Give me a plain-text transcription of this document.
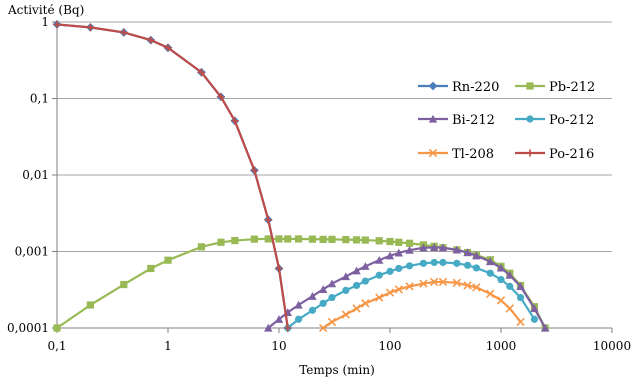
0,1	1	10	100	1000	10000
0,0001
0,001
0,01
0,1
1
Activité (Bq)
Temps (min)
Rn-220	Pb-212
Bi-212	Po-212
Tl-208	Po-216
